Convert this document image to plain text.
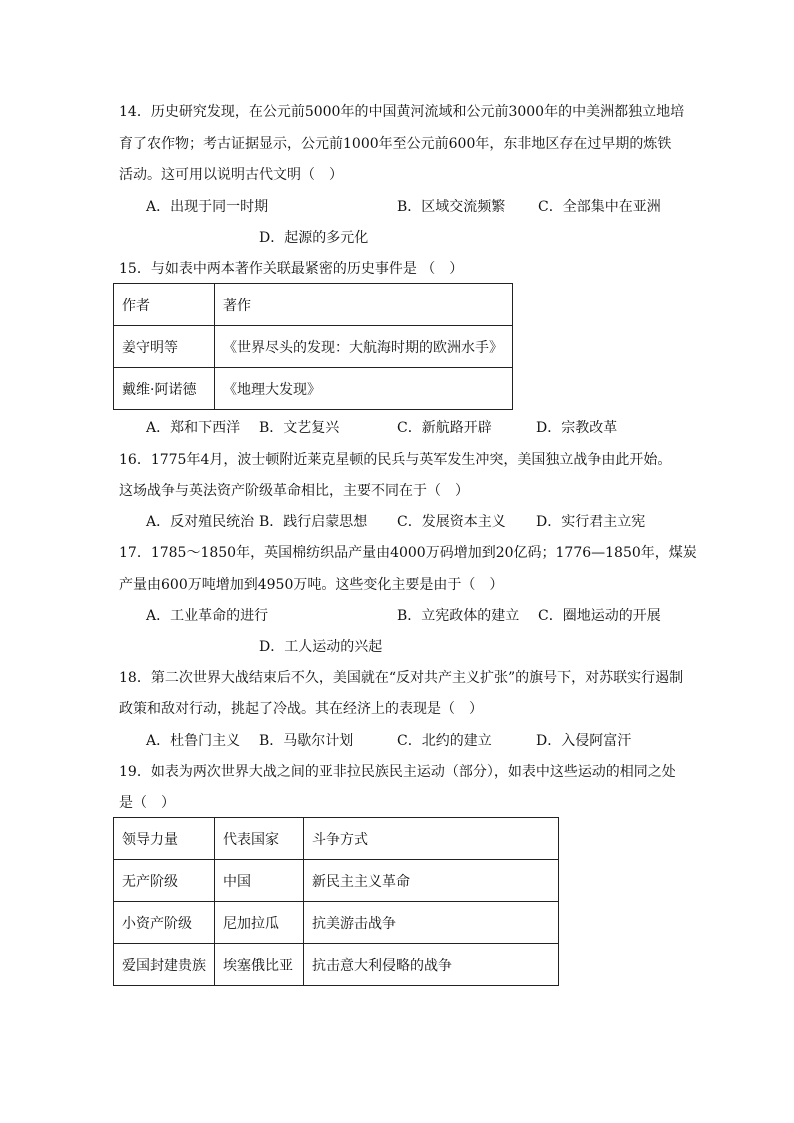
14．历史研究发现，在公元前5000年的中国黄河流域和公元前3000年的中美洲都独立地培
育了农作物；考古证据显示，公元前1000年至公元前600年，东非地区存在过早期的炼铁
活动。这可用以说明古代文明（　）
A．出现于同一时期	B．区域交流频繁 C．全部集中在亚洲
D．起源的多元化
15．与如表中两本著作关联最紧密的历史事件是 （　）
作者	著作
姜守明等	《世界尽头的发现：大航海时期的欧洲水手》
戴维·阿诺德	《地理大发现》
A．郑和下西洋 B．文艺复兴	C．新航路开辟	D．宗教改革
16．1775年4月，波士顿附近莱克星顿的民兵与英军发生冲突，美国独立战争由此开始。
这场战争与英法资产阶级革命相比，主要不同在于（　）
A．反对殖民统治 B．践行启蒙思想 C．发展资本主义 D．实行君主立宪
17．1785～1850年，英国棉纺织品产量由4000万码增加到20亿码；1776—1850年，煤炭
产量由600万吨增加到4950万吨。这些变化主要是由于（　）
A．工业革命的进行	B．立宪政体的建立 C．圈地运动的开展
D．工人运动的兴起
18．第二次世界大战结束后不久，美国就在“反对共产主义扩张”的旗号下，对苏联实行遏制
政策和敌对行动，挑起了冷战。其在经济上的表现是（　）
A．杜鲁门主义 B．马歇尔计划	C．北约的建立	D．入侵阿富汗
19．如表为两次世界大战之间的亚非拉民族民主运动（部分），如表中这些运动的相同之处
是（　）
领导力量	代表国家	斗争方式
无产阶级	中国	新民主主义革命
小资产阶级	尼加拉瓜	抗美游击战争
爱国封建贵族	埃塞俄比亚	抗击意大利侵略的战争
